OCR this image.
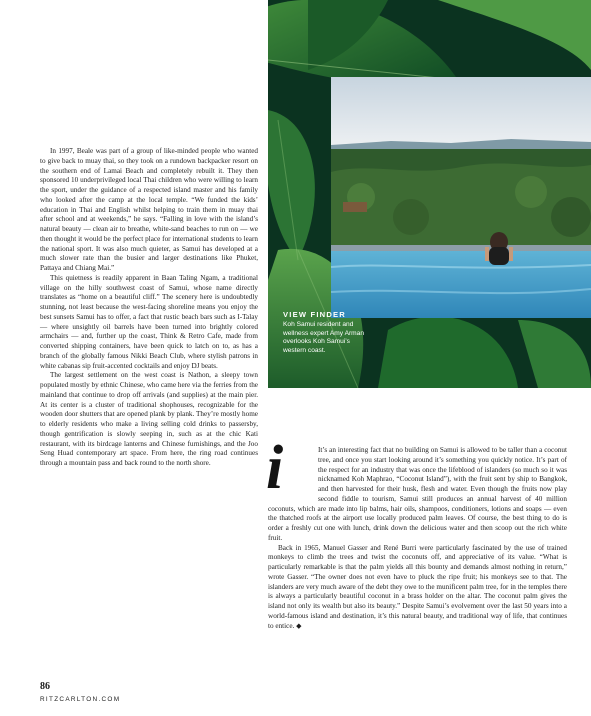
VIEW FINDER
Koh Samui resident and wellness expert Amy Arman overlooks Koh Samui’s western coast.

In 1997, Beale was part of a group of like-minded people who wanted to give back to muay thai, so they took on a rundown backpacker resort on the southern end of Lamai Beach and completely rebuilt it. They then sponsored 10 underprivileged local Thai children who were willing to learn the sport, under the guidance of a respected island master and his family who looked after the camp at the local temple. “We funded the kids’ education in Thai and English whilst helping to train them in muay thai after school and at weekends,” he says. “Falling in love with the island’s natural beauty — clean air to breathe, white-sand beaches to run on — we then thought it would be the perfect place for international students to learn the national sport. It was also much quieter, as Samui has developed at a much slower rate than the busier and larger destinations like Phuket, Pattaya and Chiang Mai.”

This quietness is readily apparent in Baan Taling Ngam, a traditional village on the hilly southwest coast of Samui, whose name directly translates as “home on a beautiful cliff.” The scenery here is undoubtedly stunning, not least because the west-facing shoreline means you enjoy the best sunsets Samui has to offer, a fact that rustic beach bars such as I-Talay — where unsightly oil barrels have been turned into brightly colored armchairs — and, further up the coast, Think & Retro Cafe, made from converted shipping containers, have been quick to latch on to, as has a branch of the globally famous Nikki Beach Club, where stylish patrons in white cabanas sip fruit-accented cocktails and enjoy DJ beats.

The largest settlement on the west coast is Nathon, a sleepy town populated mostly by ethnic Chinese, who came here via the ferries from the mainland that continue to drop off arrivals (and supplies) at the main pier. At its center is a cluster of traditional shophouses, recognizable for the wooden door shutters that are opened plank by plank. They’re mostly home to elderly residents who make a living selling cold drinks to passersby, though gentrification is slowly seeping in, such as at the chic Kati restaurant, with its birdcage lanterns and Chinese furnishings, and the Joo Seng Huad contemporary art space. From here, the ring road continues through a mountain pass and back round to the north shore. i	It’s an interesting fact that no building on Samui is allowed to be taller than a coconut tree, and once you start looking around it’s something you quickly notice. It’s part of the respect for an industry that was once the lifeblood of islanders (so much so it was nicknamed Koh Maphrao, “Coconut Island”), with the fruit sent by ship to Bangkok, and then harvested for their husk, flesh and water. Even though the fruits now play second fiddle to tourism, Samui still produces an annual harvest of 40 million coconuts, which are made into lip balms, hair oils, shampoos, conditioners, lotions and soaps — even the thatched roofs at the airport use locally produced palm leaves. Of course, the best thing to do is order a freshly cut one with lunch, drink down the delicious water and then scoop out the rich white fruit.

Back in 1965, Manuel Gasser and René Burri were particularly fascinated by the use of trained monkeys to climb the trees and twist the coconuts off, and appreciative of its value. “What is particularly remarkable is that the palm yields all this bounty and demands almost nothing in return,” wrote Gasser. “The owner does not even have to pluck the ripe fruit; his monkeys see to that. The islanders are very much aware of the debt they owe to the munificent palm tree, for in the temples there is always a particularly beautiful coconut in a brass holder on the altar. The coconut palm gives the island not only its wealth but also its beauty.” Despite Samui’s evolvement over the last 50 years into a world-famous island and destination, it’s this natural beauty, and traditional way of life, that continues to entice. ◆

86
RITZCARLTON.COM
